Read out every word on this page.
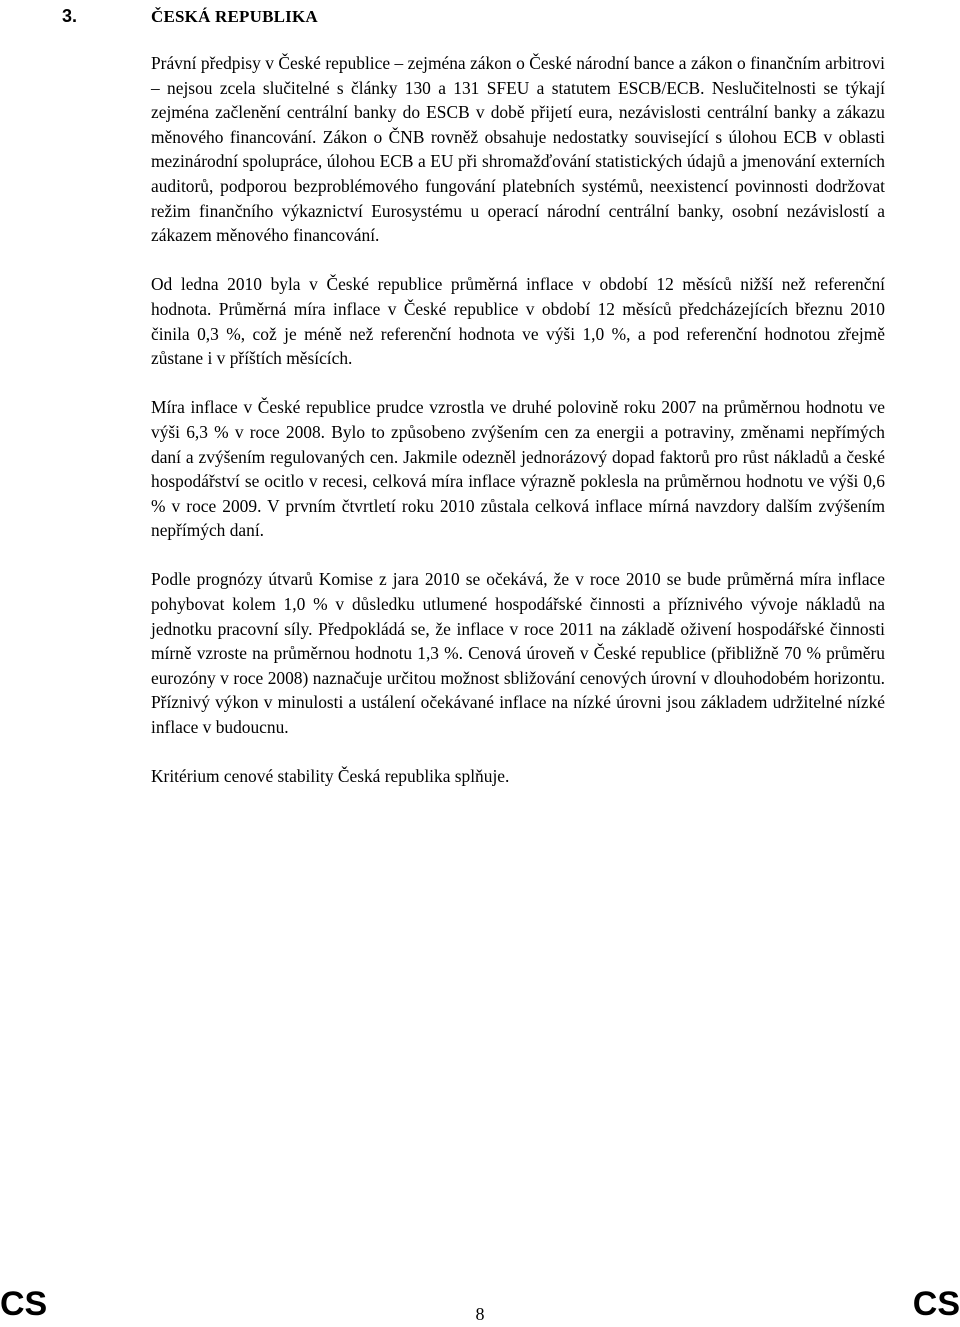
3.	ČESKÁ REPUBLIKA

Právní předpisy v České republice – zejména zákon o České národní bance a zákon o finančním arbitrovi – nejsou zcela slučitelné s články 130 a 131 SFEU a statutem ESCB/ECB. Neslučitelnosti se týkají zejména začlenění centrální banky do ESCB v době přijetí eura, nezávislosti centrální banky a zákazu měnového financování. Zákon o ČNB rovněž obsahuje nedostatky související s úlohou ECB v oblasti mezinárodní spolupráce, úlohou ECB a EU při shromažďování statistických údajů a jmenování externích auditorů, podporou bezproblémového fungování platebních systémů, neexistencí povinnosti dodržovat režim finančního výkaznictví Eurosystému u operací národní centrální banky, osobní nezávislostí a zákazem měnového financování.

Od ledna 2010 byla v České republice průměrná inflace v období 12 měsíců nižší než referenční hodnota. Průměrná míra inflace v České republice v období 12 měsíců předcházejících březnu 2010 činila 0,3 %, což je méně než referenční hodnota ve výši 1,0 %, a pod referenční hodnotou zřejmě zůstane i v příštích měsících.

Míra inflace v České republice prudce vzrostla ve druhé polovině roku 2007 na průměrnou hodnotu ve výši 6,3 % v roce 2008. Bylo to způsobeno zvýšením cen za energii a potraviny, změnami nepřímých daní a zvýšením regulovaných cen. Jakmile odezněl jednorázový dopad faktorů pro růst nákladů a české hospodářství se ocitlo v recesi, celková míra inflace výrazně poklesla na průměrnou hodnotu ve výši 0,6 % v roce 2009. V prvním čtvrtletí roku 2010 zůstala celková inflace mírná navzdory dalším zvýšením nepřímých daní.

Podle prognózy útvarů Komise z jara 2010 se očekává, že v roce 2010 se bude průměrná míra inflace pohybovat kolem 1,0 % v důsledku utlumené hospodářské činnosti a příznivého vývoje nákladů na jednotku pracovní síly. Předpokládá se, že inflace v roce 2011 na základě oživení hospodářské činnosti mírně vzroste na průměrnou hodnotu 1,3 %. Cenová úroveň v České republice (přibližně 70 % průměru eurozóny v roce 2008) naznačuje určitou možnost sbližování cenových úrovní v dlouhodobém horizontu. Příznivý výkon v minulosti a ustálení očekávané inflace na nízké úrovni jsou základem udržitelné nízké inflace v budoucnu.

Kritérium cenové stability Česká republika splňuje.

CS	8	CS
